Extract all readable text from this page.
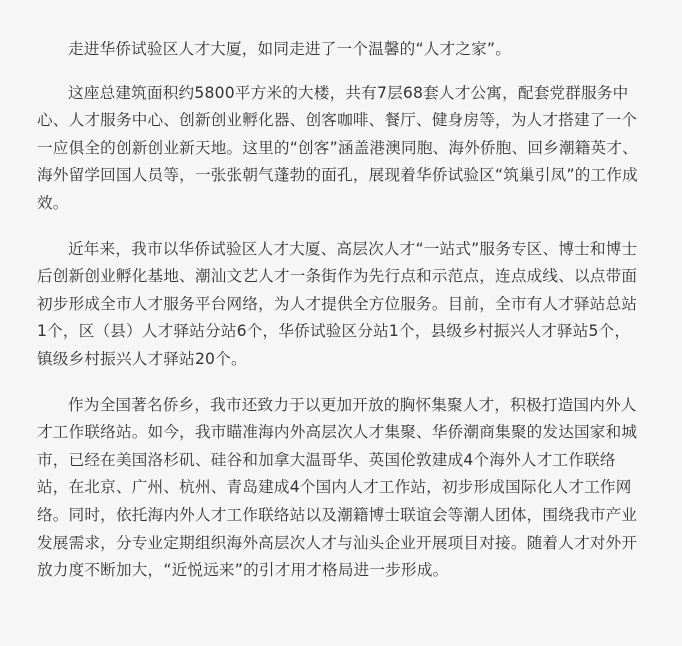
走进华侨试验区人才大厦，如同走进了一个温馨的“人才之家”。

这座总建筑面积约5800平方米的大楼，共有7层68套人才公寓，配套党群服务中心、人才服务中心、创新创业孵化器、创客咖啡、餐厅、健身房等，为人才搭建了一个一应俱全的创新创业新天地。这里的“创客”涵盖港澳同胞、海外侨胞、回乡潮籍英才、海外留学回国人员等，一张张朝气蓬勃的面孔，展现着华侨试验区“筑巢引凤”的工作成效。

近年来，我市以华侨试验区人才大厦、高层次人才“一站式”服务专区、博士和博士后创新创业孵化基地、潮汕文艺人才一条街作为先行点和示范点，连点成线、以点带面初步形成全市人才服务平台网络，为人才提供全方位服务。目前，全市有人才驿站总站1个，区（县）人才驿站分站6个，华侨试验区分站1个，县级乡村振兴人才驿站5个，镇级乡村振兴人才驿站20个。

作为全国著名侨乡，我市还致力于以更加开放的胸怀集聚人才，积极打造国内外人才工作联络站。如今，我市瞄准海内外高层次人才集聚、华侨潮商集聚的发达国家和城市，已经在美国洛杉矶、硅谷和加拿大温哥华、英国伦敦建成4个海外人才工作联络站，在北京、广州、杭州、青岛建成4个国内人才工作站，初步形成国际化人才工作网络。同时，依托海内外人才工作联络站以及潮籍博士联谊会等潮人团体，围绕我市产业发展需求，分专业定期组织海外高层次人才与汕头企业开展项目对接。随着人才对外开放力度不断加大，“近悦远来”的引才用才格局进一步形成。
